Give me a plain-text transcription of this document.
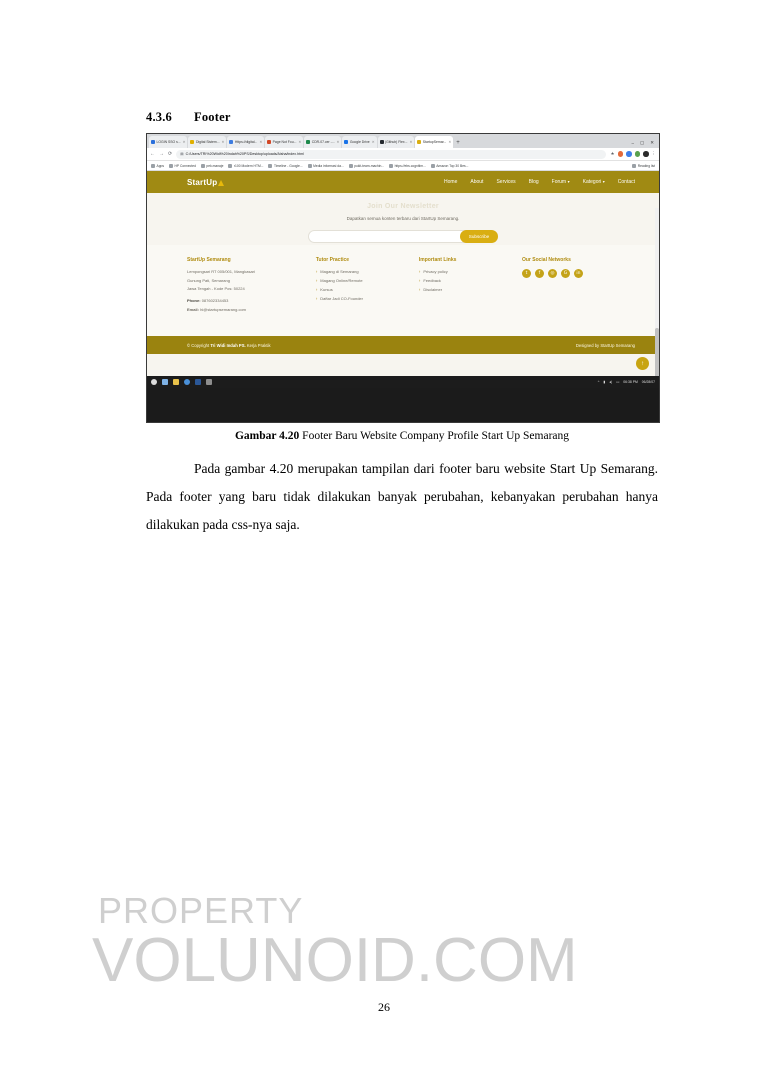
4.3.6 Footer
LOGIN SSO s... ✕	Digital Sistem... ✕	Https://digital... ✕	Page Not Fou... ✕	CDR-07.cer -... ✕	Google Drive ✕	(Github) Flex... ✕	StartupSemar... ✕ +	– ▢ ✕
← → ⟳ ▤ C:/Users/TRI%20Widi%20Indah%20PS/Desktop/uploads/Aisha/index.html	★	⋮
Apps	HP Connected	pek.manaje	r100 Modern HTM...	Timeline - Google...	Media informasi da...	pukit-team-machin...	https://ebs.cognitim...	Amazon Top 30 Bes...	Reading list
StartUp	Home	About	Services	Blog	Forum ▾	Kategori ▾	Contact
Join Our Newsletter
Dapatkan semua konten terbaru dari StartUp Semarang.
Subscribe
StartUp Semarang

Lempongsari RT 005/001, Mangkasari

Gunung Pati, Semarang

Jawa Tengah - Kode Pos: 50224

Phone: 087602334453

Email: hi@startupsemarang.com

Tutor Practice
› Magang di Semarang
› Magang Online/Remote
› Kursus
› Daftar Jadi CO-Founder
Important Links
› Privacy policy
› Feedback
› Disclaimer
Our Social Networks
t	f	◎	G	in
© Copyright
Tri Widi Indah PS.
Kerja Praktik	Designed by StartUp Semarang
↑
^ ▮ ◂) ▭ 06:38 PM 06/28/07
Gambar 4.20 Footer Baru Website Company Profile Start Up Semarang
Pada gambar 4.20 merupakan tampilan dari footer baru website Start Up Semarang. Pada footer yang baru tidak dilakukan banyak perubahan, kebanyakan perubahan hanya dilakukan pada css-nya saja.
PROPERTY
VOLUNOID.COM
26
